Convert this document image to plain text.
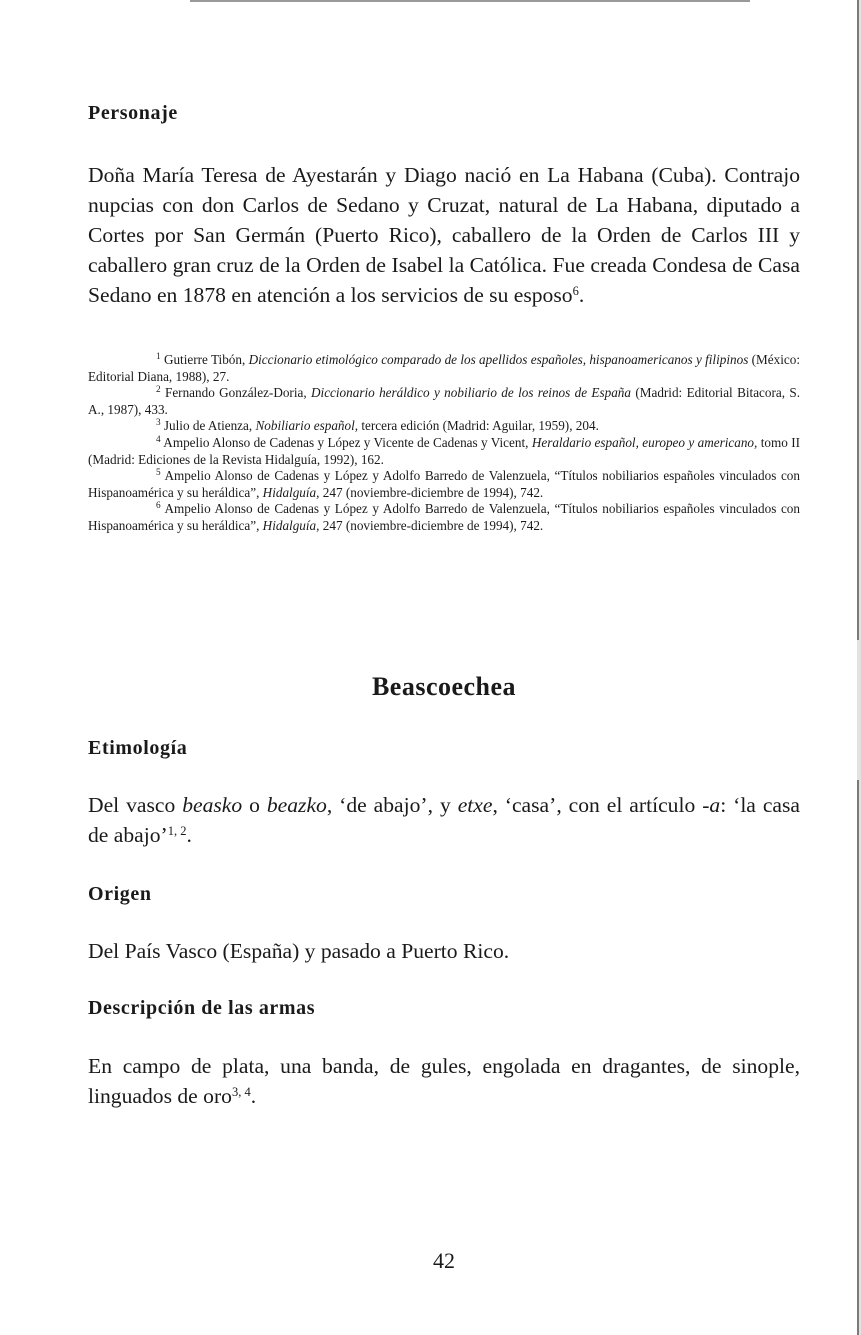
Personaje

Doña María Teresa de Ayestarán y Diago nació en La Habana (Cuba). Contrajo nupcias con don Carlos de Sedano y Cruzat, natural de La Habana, diputado a Cortes por San Germán (Puerto Rico), caballero de la Orden de Carlos III y caballero gran cruz de la Orden de Isabel la Católica. Fue creada Condesa de Casa Sedano en 1878 en atención a los servicios de su esposo$^6$.

$^1$ Gutierre Tibón, Diccionario etimológico comparado de los apellidos españoles, hispanoamericanos y filipinos (México: Editorial Diana, 1988), 27.

$^2$ Fernando González-Doria, Diccionario heráldico y nobiliario de los reinos de España (Madrid: Editorial Bitacora, S. A., 1987), 433.

$^3$ Julio de Atienza, Nobiliario español, tercera edición (Madrid: Aguilar, 1959), 204.

$^4$ Ampelio Alonso de Cadenas y López y Vicente de Cadenas y Vicent, Heraldario español, europeo y americano, tomo II (Madrid: Ediciones de la Revista Hidalguía, 1992), 162.

$^5$ Ampelio Alonso de Cadenas y López y Adolfo Barredo de Valenzuela, “Títulos nobiliarios españoles vinculados con Hispanoamérica y su heráldica”, Hidalguía, 247 (noviembre-diciembre de 1994), 742.

$^6$ Ampelio Alonso de Cadenas y López y Adolfo Barredo de Valenzuela, “Títulos nobiliarios españoles vinculados con Hispanoamérica y su heráldica”, Hidalguía, 247 (noviembre-diciembre de 1994), 742.

Beascoechea
Etimología

Del vasco beasko o beazko, ‘de abajo’, y etxe, ‘casa’, con el artículo -a: ‘la casa de abajo’$^{1, 2}$.

Origen

Del País Vasco (España) y pasado a Puerto Rico.

Descripción de las armas

En campo de plata, una banda, de gules, engolada en dragantes, de sinople, linguados de oro$^{3, 4}$.

42
